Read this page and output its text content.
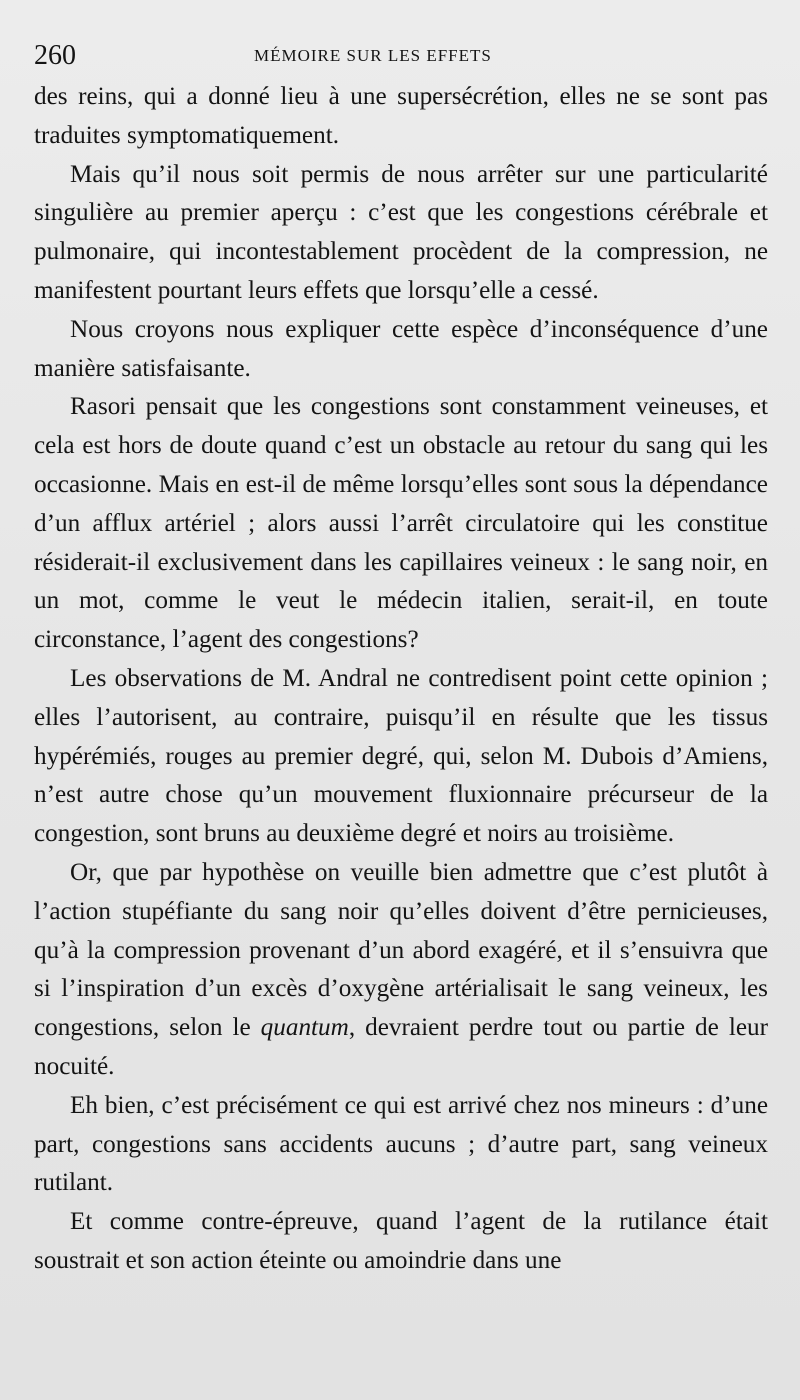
260	MÉMOIRE SUR LES EFFETS

des reins, qui a donné lieu à une supersécrétion, elles ne se sont pas traduites symptomatiquement.

Mais qu’il nous soit permis de nous arrêter sur une particularité singulière au premier aperçu : c’est que les congestions cérébrale et pulmonaire, qui incontestablement procèdent de la compression, ne manifestent pourtant leurs effets que lorsqu’elle a cessé.

Nous croyons nous expliquer cette espèce d’inconséquence d’une manière satisfaisante.

Rasori pensait que les congestions sont constamment veineuses, et cela est hors de doute quand c’est un obstacle au retour du sang qui les occasionne. Mais en est-il de même lorsqu’elles sont sous la dépendance d’un afflux artériel ; alors aussi l’arrêt circulatoire qui les constitue résiderait-il exclusivement dans les capillaires veineux : le sang noir, en un mot, comme le veut le médecin italien, serait-il, en toute circonstance, l’agent des congestions?

Les observations de M. Andral ne contredisent point cette opinion ; elles l’autorisent, au contraire, puisqu’il en résulte que les tissus hypérémiés, rouges au premier degré, qui, selon M. Dubois d’Amiens, n’est autre chose qu’un mouvement fluxionnaire précurseur de la congestion, sont bruns au deuxième degré et noirs au troisième.

Or, que par hypothèse on veuille bien admettre que c’est plutôt à l’action stupéfiante du sang noir qu’elles doivent d’être pernicieuses, qu’à la compression provenant d’un abord exagéré, et il s’ensuivra que si l’inspiration d’un excès d’oxygène artérialisait le sang veineux, les congestions, selon le quantum, devraient perdre tout ou partie de leur nocuité.

Eh bien, c’est précisément ce qui est arrivé chez nos mineurs : d’une part, congestions sans accidents aucuns ; d’autre part, sang veineux rutilant.

Et comme contre-épreuve, quand l’agent de la rutilance était soustrait et son action éteinte ou amoindrie dans une
